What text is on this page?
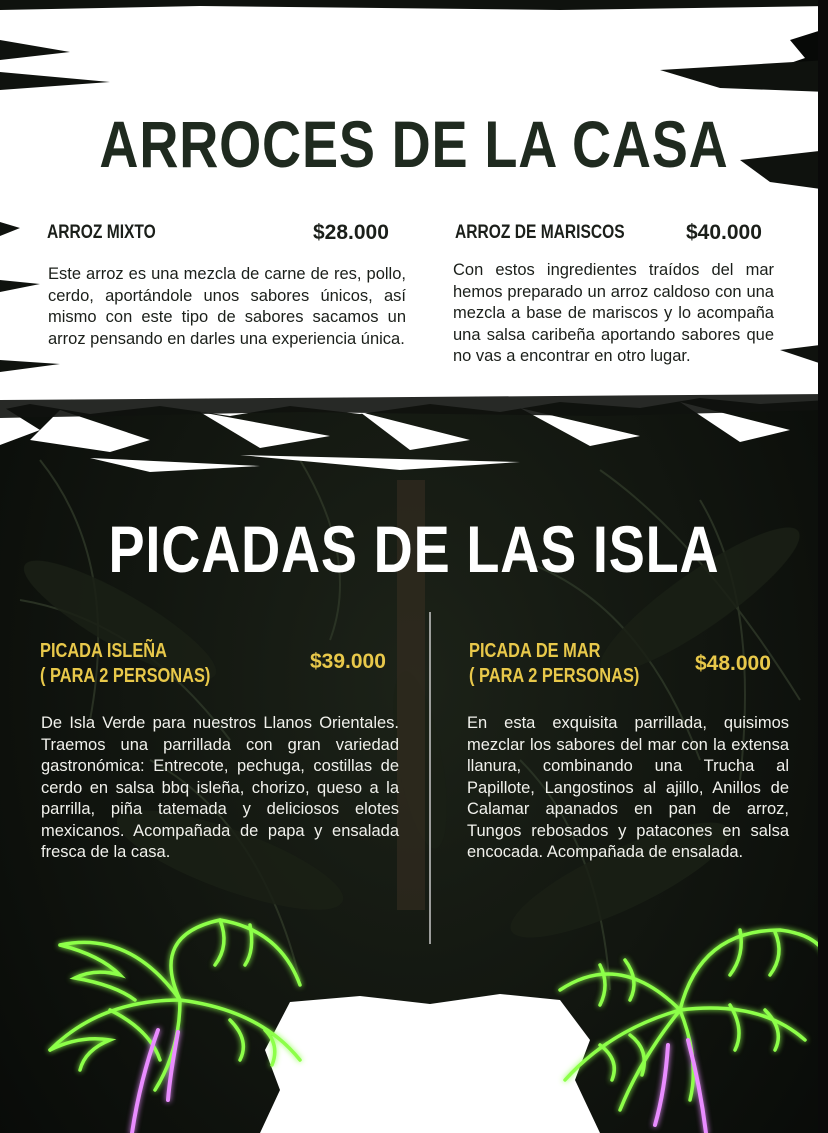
ARROCES DE LA CASA
ARROZ MIXTO	$28.000
Este arroz es una mezcla de carne de res, pollo, cerdo, aportándole unos sabores únicos, así mismo con este tipo de sabores sacamos un arroz pensando en darles una experiencia única.
ARROZ DE MARISCOS	$40.000
Con estos ingredientes traídos del mar hemos preparado un arroz caldoso con una mezcla a base de mariscos y lo acompaña una salsa caribeña aportando sabores que no vas a encontrar en otro lugar.
PICADAS DE LAS ISLA
PICADA ISLEÑA
( PARA 2 PERSONAS)
$39.000
De Isla Verde para nuestros Llanos Orientales. Traemos una parrillada con gran variedad gastronómica: Entrecote, pechuga, costillas de cerdo en salsa bbq isleña, chorizo, queso a la parrilla, piña tatemada y deliciosos elotes mexicanos. Acompañada de papa y ensalada fresca de la casa.
PICADA DE MAR
( PARA 2 PERSONAS)
$48.000
En esta exquisita parrillada, quisimos mezclar los sabores del mar con la extensa llanura, combinando una Trucha al Papillote, Langostinos al ajillo, Anillos de Calamar apanados en pan de arroz, Tungos rebosados y patacones en salsa encocada. Acompañada de ensalada.
